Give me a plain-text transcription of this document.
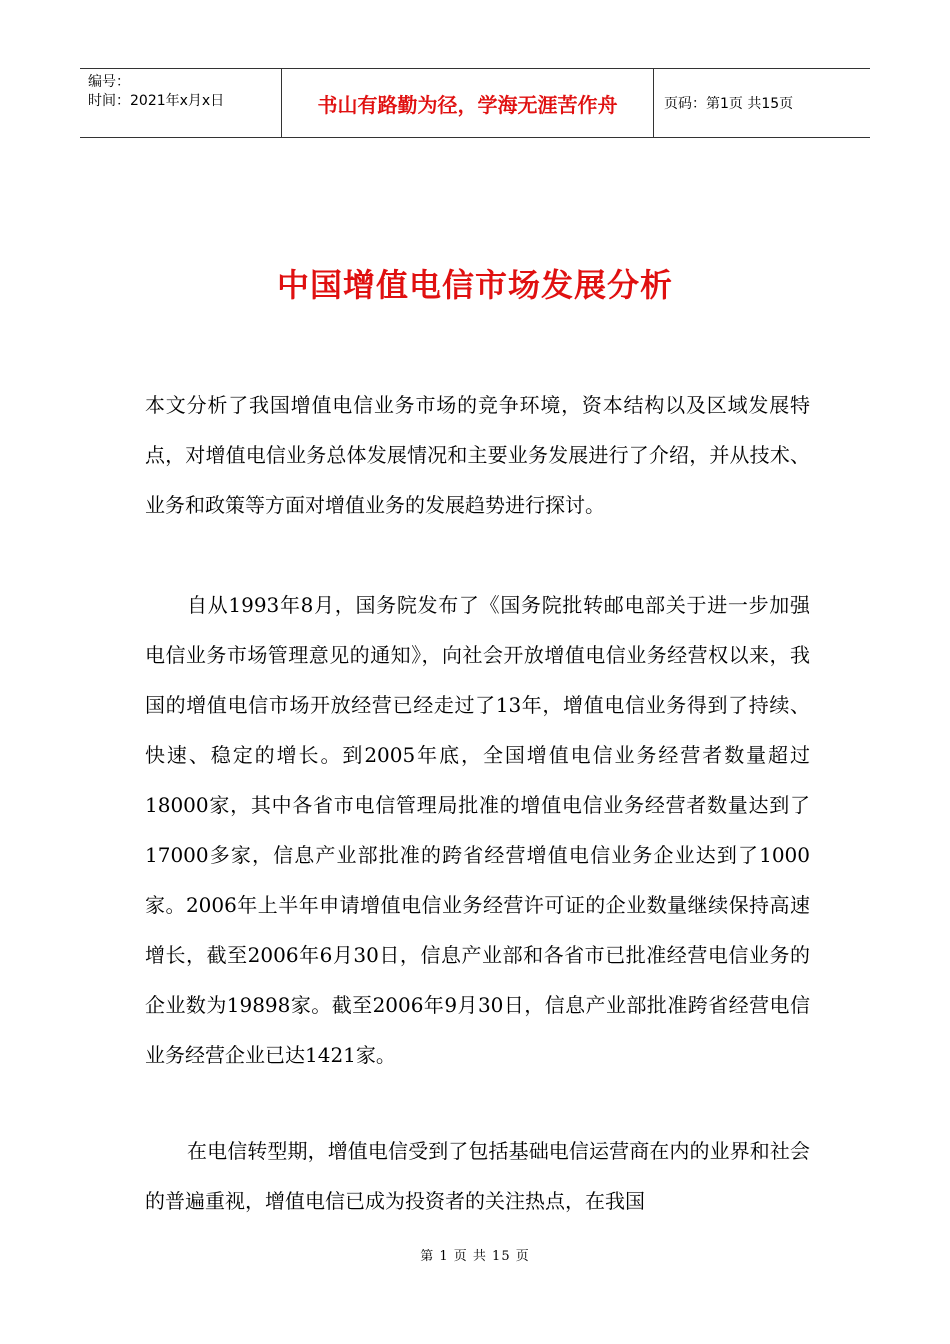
编号：
时间：2021年x月x日	书山有路勤为径，学海无涯苦作舟	页码：第1页 共15页
中国增值电信市场发展分析

本文分析了我国增值电信业务市场的竞争环境，资本结构以及区域发展特点，对增值电信业务总体发展情况和主要业务发展进行了介绍，并从技术、业务和政策等方面对增值业务的发展趋势进行探讨。

自从1993年8月，国务院发布了《国务院批转邮电部关于进一步加强电信业务市场管理意见的通知》，向社会开放增值电信业务经营权以来，我国的增值电信市场开放经营已经走过了13年，增值电信业务得到了持续、快速、稳定的增长。到2005年底，全国增值电信业务经营者数量超过18000家，其中各省市电信管理局批准的增值电信业务经营者数量达到了17000多家，信息产业部批准的跨省经营增值电信业务企业达到了1000家。2006年上半年申请增值电信业务经营许可证的企业数量继续保持高速增长，截至2006年6月30日，信息产业部和各省市已批准经营电信业务的企业数为19898家。截至2006年9月30日，信息产业部批准跨省经营电信业务经营企业已达1421家。

在电信转型期，增值电信受到了包括基础电信运营商在内的业界和社会的普遍重视，增值电信已成为投资者的关注热点，在我国

第 1 页 共 15 页
